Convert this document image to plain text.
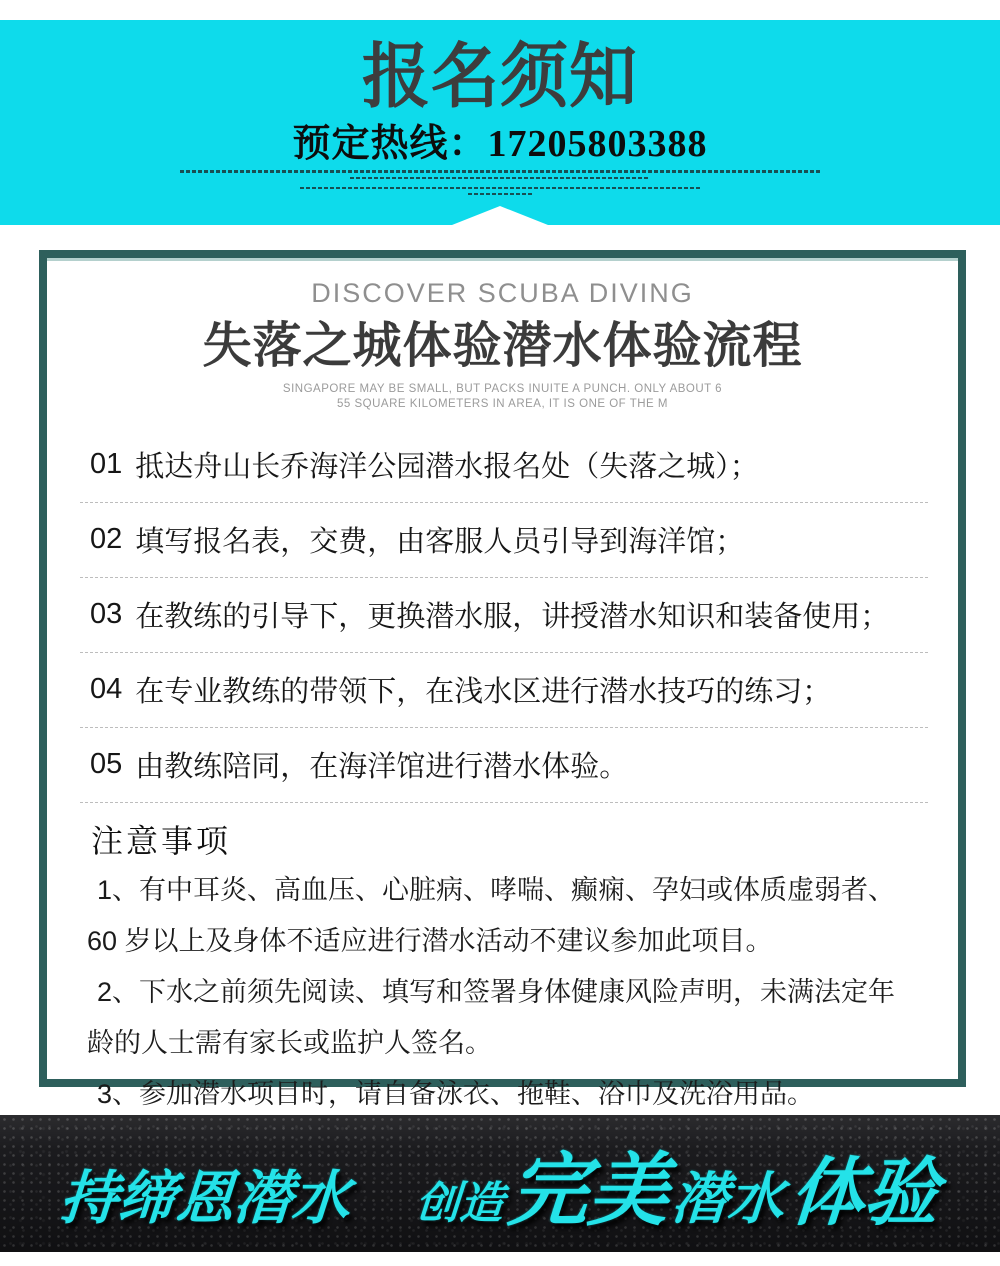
报名须知
预定热线：17205803388
DISCOVER SCUBA DIVING
失落之城体验潜水体验流程
SINGAPORE MAY BE SMALL, BUT PACKS INUITE A PUNCH. ONLY ABOUT 6
55 SQUARE KILOMETERS IN AREA, IT IS ONE OF THE M
01 抵达舟山长乔海洋公园潜水报名处（失落之城）；
02 填写报名表，交费，由客服人员引导到海洋馆；
03 在教练的引导下，更换潜水服，讲授潜水知识和装备使用；
04 在专业教练的带领下，在浅水区进行潜水技巧的练习；
05 由教练陪同，在海洋馆进行潜水体验。
注意事项

1、有中耳炎、高血压、心脏病、哮喘、癫痫、孕妇或体质虚弱者、60 岁以上及身体不适应进行潜水活动不建议参加此项目。

2、下水之前须先阅读、填写和签署身体健康风险声明，未满法定年龄的人士需有家长或监护人签名。

3、参加潜水项目时，请自备泳衣、拖鞋、浴巾及洗浴用品。

持缔恩潜水 创造 完美
潜水 体验
